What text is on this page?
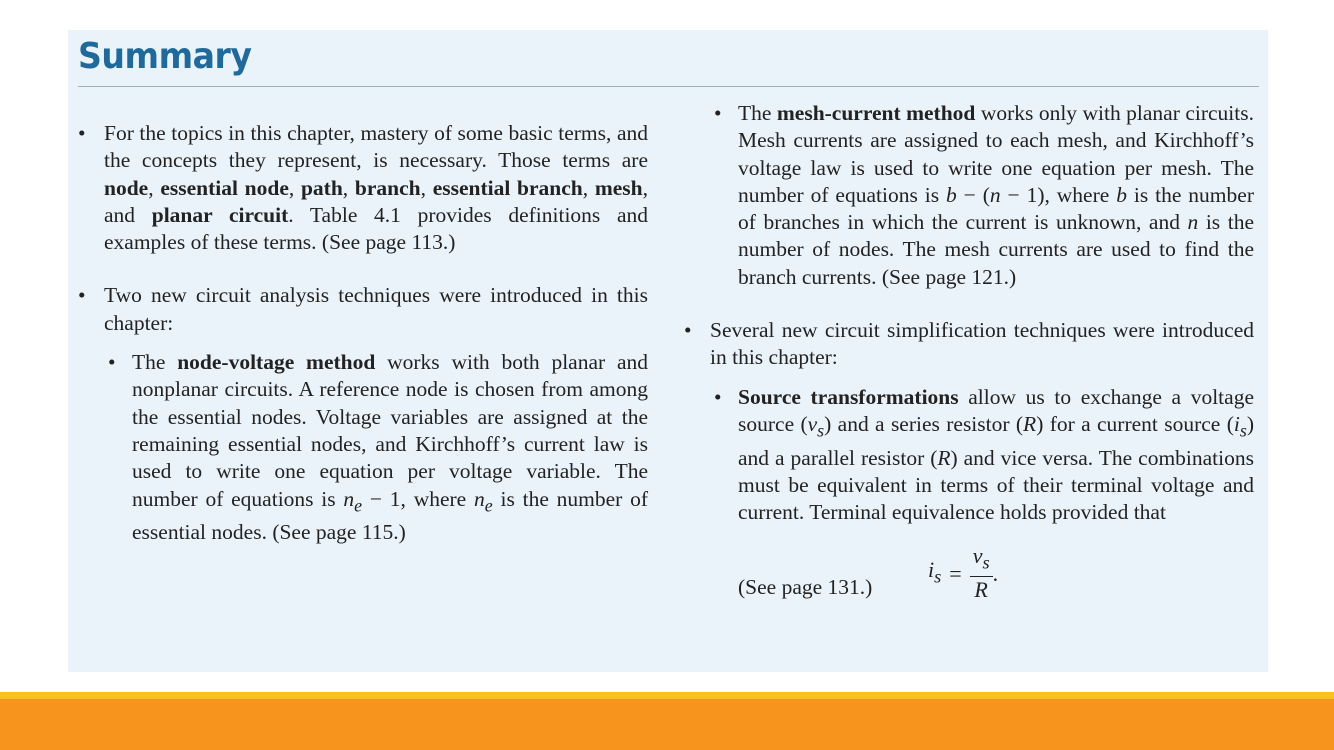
Summary

• For the topics in this chapter, mastery of some basic terms, and the concepts they represent, is necessary. Those terms are node, essential node, path, branch, essential branch, mesh, and planar circuit. Table 4.1 provides definitions and examples of these terms. (See page 113.)

• Two new circuit analysis techniques were introduced in this chapter:

• The node-voltage method works with both planar and nonplanar circuits. A reference node is chosen from among the essential nodes. Voltage variables are assigned at the remaining essential nodes, and Kirchhoff’s current law is used to write one equation per voltage variable. The number of equations is $n_e - 1$, where $n_e$ is the number of essential nodes. (See page 115.)

• The mesh-current method works only with planar circuits. Mesh currents are assigned to each mesh, and Kirchhoff’s voltage law is used to write one equation per mesh. The number of equations is b − (n − 1), where b is the number of branches in which the current is unknown, and n is the number of nodes. The mesh currents are used to find the branch currents. (See page 121.)

• Several new circuit simplification techniques were introduced in this chapter:

• Source transformations allow us to exchange a voltage source $(v_s)$ and a series resistor (R) for a current source $(i_s)$ and a parallel resistor (R) and vice versa. The combinations must be equivalent in terms of their terminal voltage and current. Terminal equivalence holds provided that

(See page 131.)
$i_s = \frac{v_s}{R}$ .
